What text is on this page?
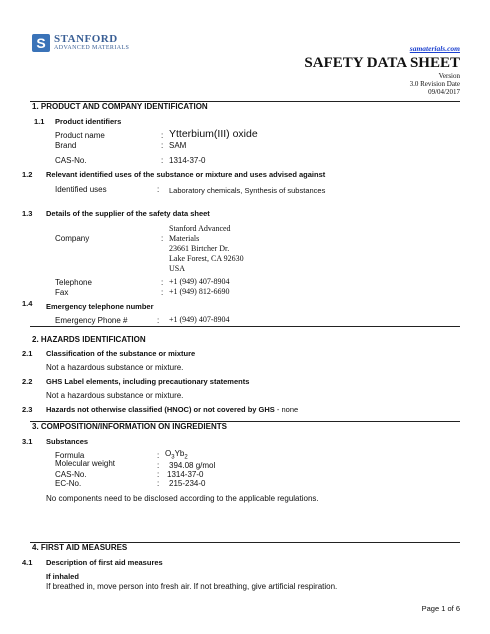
S STANFORD
ADVANCED MATERIALS	samaterials.com
SAFETY DATA SHEET
Version
3.0 Revision Date
09/04/2017
1. PRODUCT AND COMPANY IDENTIFICATION
1.1 Product identifiers
Product name	: Ytterbium(III) oxide
Brand	: SAM
CAS-No.	: 1314-37-0
1.2 Relevant identified uses of the substance or mixture and uses advised against
Identified uses	: Laboratory chemicals, Synthesis of substances
1.3 Details of the supplier of the safety data sheet
Company	:
Stanford Advanced
Materials
23661 Birtcher Dr.
Lake Forest, CA 92630
USA
Telephone	: +1 (949) 407-8904
Fax	: +1 (949) 812-6690
1.4 Emergency telephone number
Emergency Phone #	: +1 (949) 407-8904
2. HAZARDS IDENTIFICATION
2.1 Classification of the substance or mixture
Not a hazardous substance or mixture.
2.2 GHS Label elements, including precautionary statements
Not a hazardous substance or mixture.
2.3 Hazards not otherwise classified (HNOC) or not covered by GHS - none
3. COMPOSITION/INFORMATION ON INGREDIENTS
3.1 Substances
Formula	: $O_3Yb_2$
Molecular weight	: 394.08 g/mol
CAS-No.	: 1314-37-0
EC-No.	: 215-234-0
No components need to be disclosed according to the applicable regulations.
4. FIRST AID MEASURES
4.1 Description of first aid measures
If inhaled
If breathed in, move person into fresh air. If not breathing, give artificial respiration.
Page 1 of 6
